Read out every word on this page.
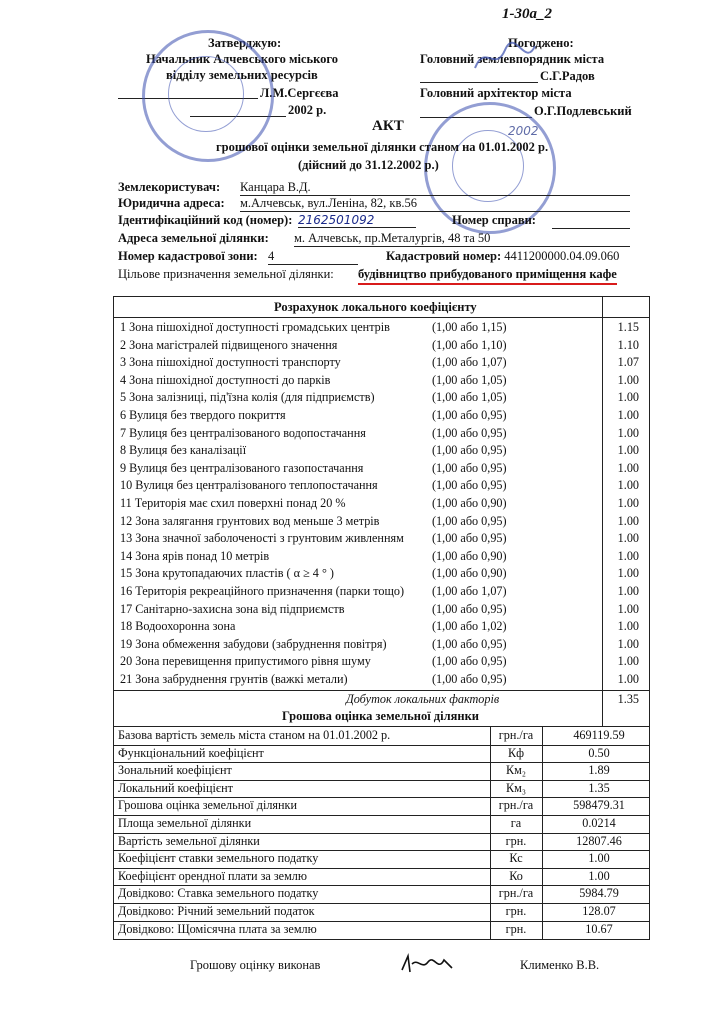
1-30а_2
Затверджую:
Начальник Алчевського міського
відділу земельних ресурсів
Л.М.Сергєєва
2002 р.
Погоджено:
Головний землевпорядник міста
С.Г.Радов
Головний архітектор міста
О.Г.Подлевський
2002
АКТ
грошової оцінки земельної ділянки станом на 01.01.2002 р.
(дійсний до 31.12.2002 р.)
Землекористувач: Канцара В.Д.
Юридична адреса: м.Алчевськ, вул.Леніна, 82, кв.56
Ідентифікаційний код (номер): 2162501092	Номер справи:
Адреса земельної ділянки: м. Алчевськ, пр.Металургів, 48 та 50
Номер кадастрової зони: 4	Кадастровий номер: 4411200000.04.09.060
Цільове призначення земельної ділянки: будівництво прибудованого приміщення кафе
Розрахунок локального коефіцієнту
1 Зона пішохідної доступності громадських центрів	(1,00 або 1,15)	1.15
2 Зона магістралей підвищеного значення	(1,00 або 1,10)	1.10
3 Зона пішохідної доступності транспорту	(1,00 або 1,07)	1.07
4 Зона пішохідної доступності до парків	(1,00 або 1,05)	1.00
5 Зона залізниці, під'їзна колія (для підприємств)	(1,00 або 1,05)	1.00
6 Вулиця без твердого покриття	(1,00 або 0,95)	1.00
7 Вулиця без централізованого водопостачання	(1,00 або 0,95)	1.00
8 Вулиця без каналізації	(1,00 або 0,95)	1.00
9 Вулиця без централізованого газопостачання	(1,00 або 0,95)	1.00
10 Вулиця без централізованого теплопостачання	(1,00 або 0,95)	1.00
11 Територія має схил поверхні понад 20 %	(1,00 або 0,90)	1.00
12 Зона залягання грунтових вод меньше 3 метрів	(1,00 або 0,95)	1.00
13 Зона значної заболоченості з грунтовим живленням (1,00 або 0,95)	1.00
14 Зона ярів понад 10 метрів	(1,00 або 0,90)	1.00
15 Зона крутопадаючих пластів ( α ≥ 4 ° )	(1,00 або 0,90)	1.00
16 Територія рекреаційного призначення (парки тощо) (1,00 або 1,07)	1.00
17 Санітарно-захисна зона від підприємств	(1,00 або 0,95)	1.00
18 Водоохоронна зона	(1,00 або 1,02)	1.00
19 Зона обмеження забудови (забруднення повітря)	(1,00 або 0,95)	1.00
20 Зона перевищення припустимого рівня шуму	(1,00 або 0,95)	1.00
21 Зона забруднення грунтів (важкі метали)	(1,00 або 0,95)	1.00
Добуток локальних факторів	1.35
Грошова оцінка земельної ділянки
Базова вартість земель міста станом на 01.01.2002 р.	грн./га	469119.59
Функціональний коефіцієнт	Кф	0.50
Зональний коефіцієнт	Км₂	1.89
Локальний коефіцієнт	Км₃	1.35
Грошова оцінка земельної ділянки	грн./га	598479.31
Площа земельної ділянки	га	0.0214
Вартість земельної ділянки	грн.	12807.46
Коефіцієнт ставки земельного податку	Кс	1.00
Коефіцієнт орендної плати за землю	Ко	1.00
Довідково: Ставка земельного податку	грн./га	5984.79
Довідково: Річний земельний податок	грн.	128.07
Довідково: Щомісячна плата за землю	грн.	10.67
Грошову оцінку виконав	Клименко В.В.
